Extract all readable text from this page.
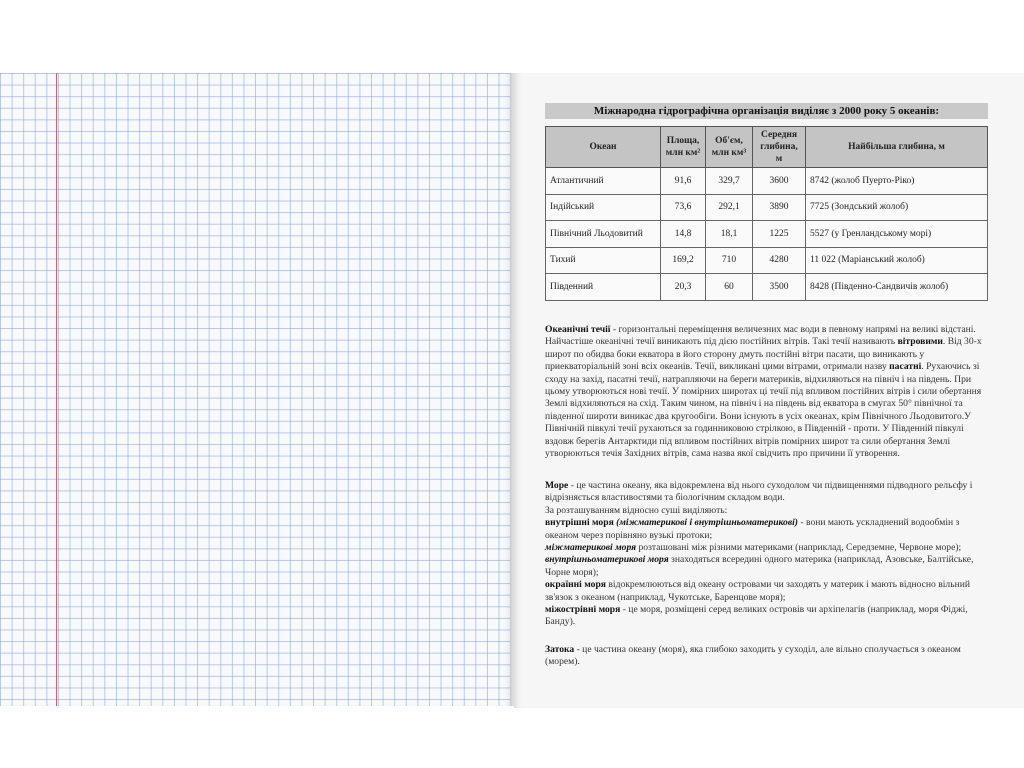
Міжнародна гідрографічна організація виділяє з 2000 року 5 океанів:
Океан	Площа, млн км²	Об'єм, млн км³	Середня глибина, м	Найбільша глибина, м
Атлантичний	91,6	329,7	3600	8742 (жолоб Пуерто-Ріко)
Індійський	73,6	292,1	3890	7725 (Зондський жолоб)
Північний Льодовитий	14,8	18,1	1225	5527 (у Гренландському морі)
Тихий	169,2	710	4280	11 022 (Маріанський жолоб)
Південний	20,3	60	3500	8428 (Південно-Сандвичів жолоб)

Океанічні течії - горизонтальні переміщення величезних мас води в певному напрямі на великі відстані. Найчастіше океанічні течії виникають під дією постійних вітрів. Такі течії називають вітровими. Від 30-х широт по обидва боки екватора в його сторону дмуть постійні вітри пасати, що виникають у приекваторіальній зоні всіх океанів. Течії, викликані цими вітрами, отримали назву пасатні. Рухаючись зі сходу на захід, пасатні течії, натрапляючи на береги материків, відхиляються на північ і на південь. При цьому утворюються нові течії. У помірних широтах ці течії під впливом постійних вітрів і сили обертання Землі відхиляються на схід. Таким чином, на північ і на південь від екватора в смугах 50° північної та південної широти виникає два кругообіги. Вони існують в усіх океанах, крім Північного Льодовитого.У Північній півкулі течії рухаються за годинниковою стрілкою, в Південній - проти. У Південній півкулі вздовж берегів Антарктиди під впливом постійних вітрів помірних широт та сили обертання Землі утворюються течія Західних вітрів, сама назва якої свідчить про причини її утворення.

Море - це частина океану, яка відокремлена від нього суходолом чи підвищеннями підводного рельєфу і відрізняється властивостями та біологічним складом води.

За розташуванням відносно суші виділяють:

внутрішні моря (міжматерикові і внутрішньоматерикові) - вони мають ускладнений водообмін з океаном через порівняно вузькі протоки;

міжматерикові моря розташовані між різними материками (наприклад, Середземне, Червоне море);

внутрішньоматерикові моря знаходяться всередині одного материка (наприклад, Азовське, Балтійське, Чорне моря);

окраїнні моря відокремлюються від океану островами чи заходять у материк і мають відносно вільний зв'язок з океаном (наприклад, Чукотське, Баренцове моря);

міжострівні моря - це моря, розміщені серед великих островів чи архіпелагів (наприклад, моря Фіджі, Банду).

Затока - це частина океану (моря), яка глибоко заходить у суходіл, але вільно сполучається з океаном (морем).
